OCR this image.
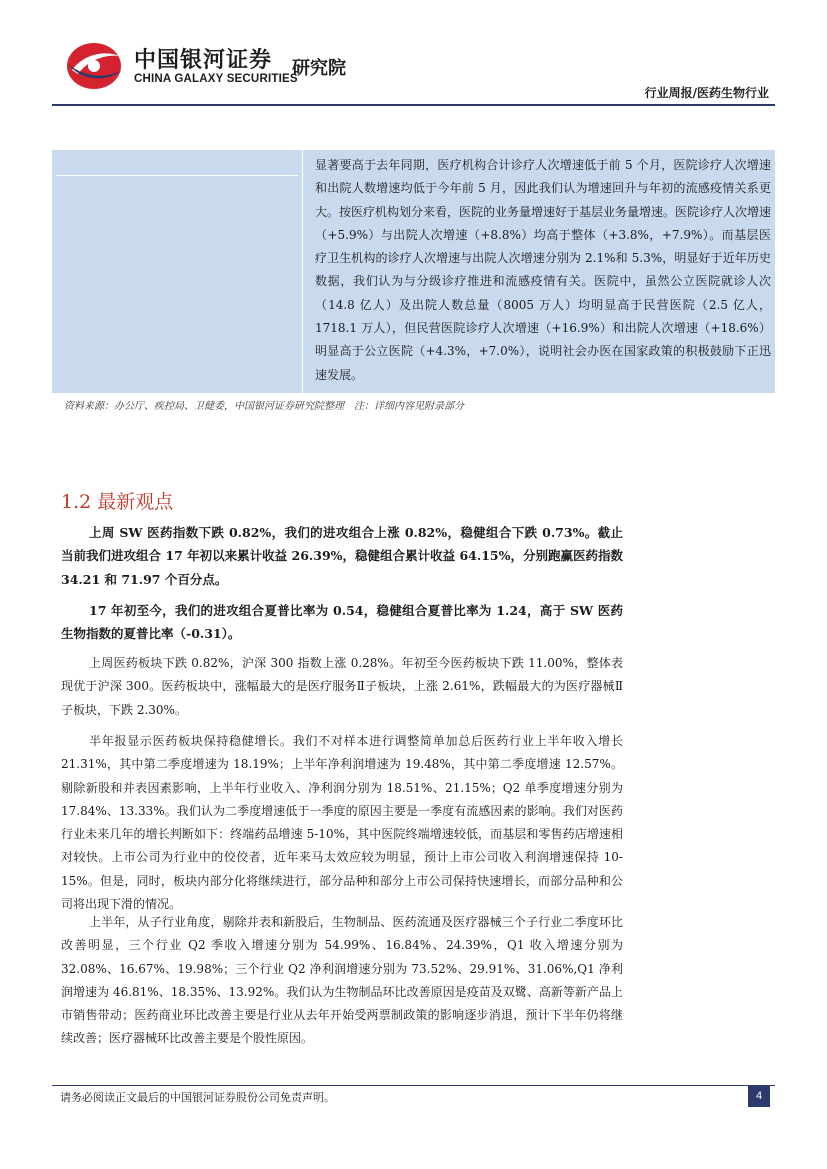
中国银河证券
CHINA GALAXY SECURITIES
研究院
行业周报/医药生物行业
显著要高于去年同期，医疗机构合计诊疗人次增速低于前 5 个月，医院诊疗人次增速和出院人数增速均低于今年前 5 月，因此我们认为增速回升与年初的流感疫情关系更大。按医疗机构划分来看，医院的业务量增速好于基层业务量增速。医院诊疗人次增速（+5.9%）与出院人次增速（+8.8%）均高于整体（+3.8%，+7.9%）。而基层医疗卫生机构的诊疗人次增速与出院人次增速分别为 2.1%和 5.3%，明显好于近年历史数据，我们认为与分级诊疗推进和流感疫情有关。医院中，虽然公立医院就诊人次（14.8 亿人）及出院人数总量（8005 万人）均明显高于民营医院（2.5 亿人，1718.1 万人），但民营医院诊疗人次增速（+16.9%）和出院人次增速（+18.6%）明显高于公立医院（+4.3%，+7.0%），说明社会办医在国家政策的积极鼓励下正迅速发展。
资料来源：办公厅、疾控局、卫健委，中国银河证券研究院整理　注：详细内容见附录部分
1.2 最新观点

上周 SW 医药指数下跌 0.82%，我们的进攻组合上涨 0.82%，稳健组合下跌 0.73%。截止当前我们进攻组合 17 年初以来累计收益 26.39%，稳健组合累计收益 64.15%，分别跑赢医药指数 34.21 和 71.97 个百分点。

17 年初至今，我们的进攻组合夏普比率为 0.54，稳健组合夏普比率为 1.24，高于 SW 医药生物指数的夏普比率（-0.31）。

上周医药板块下跌 0.82%，沪深 300 指数上涨 0.28%。年初至今医药板块下跌 11.00%，整体表现优于沪深 300。医药板块中，涨幅最大的是医疗服务Ⅱ子板块，上涨 2.61%，跌幅最大的为医疗器械Ⅱ子板块，下跌 2.30%。

半年报显示医药板块保持稳健增长。我们不对样本进行调整简单加总后医药行业上半年收入增长 21.31%，其中第二季度增速为 18.19%；上半年净利润增速为 19.48%，其中第二季度增速 12.57%。剔除新股和并表因素影响，上半年行业收入、净利润分别为 18.51%、21.15%；Q2 单季度增速分别为 17.84%、13.33%。我们认为二季度增速低于一季度的原因主要是一季度有流感因素的影响。我们对医药行业未来几年的增长判断如下：终端药品增速 5-10%，其中医院终端增速较低，而基层和零售药店增速相对较快。上市公司为行业中的佼佼者，近年来马太效应较为明显，预计上市公司收入利润增速保持 10-15%。但是，同时，板块内部分化将继续进行，部分品种和部分上市公司保持快速增长，而部分品种和公司将出现下滑的情况。

上半年，从子行业角度，剔除并表和新股后，生物制品、医药流通及医疗器械三个子行业二季度环比改善明显，三个行业 Q2 季收入增速分别为 54.99%、16.84%、24.39%，Q1 收入增速分别为 32.08%、16.67%、19.98%；三个行业 Q2 净利润增速分别为 73.52%、29.91%、31.06%,Q1 净利润增速为 46.81%、18.35%、13.92%。我们认为生物制品环比改善原因是疫苗及双鹭、高新等新产品上市销售带动；医药商业环比改善主要是行业从去年开始受两票制政策的影响逐步消退，预计下半年仍将继续改善；医疗器械环比改善主要是个股性原因。

请务必阅读正文最后的中国银河证券股份公司免责声明。	4
